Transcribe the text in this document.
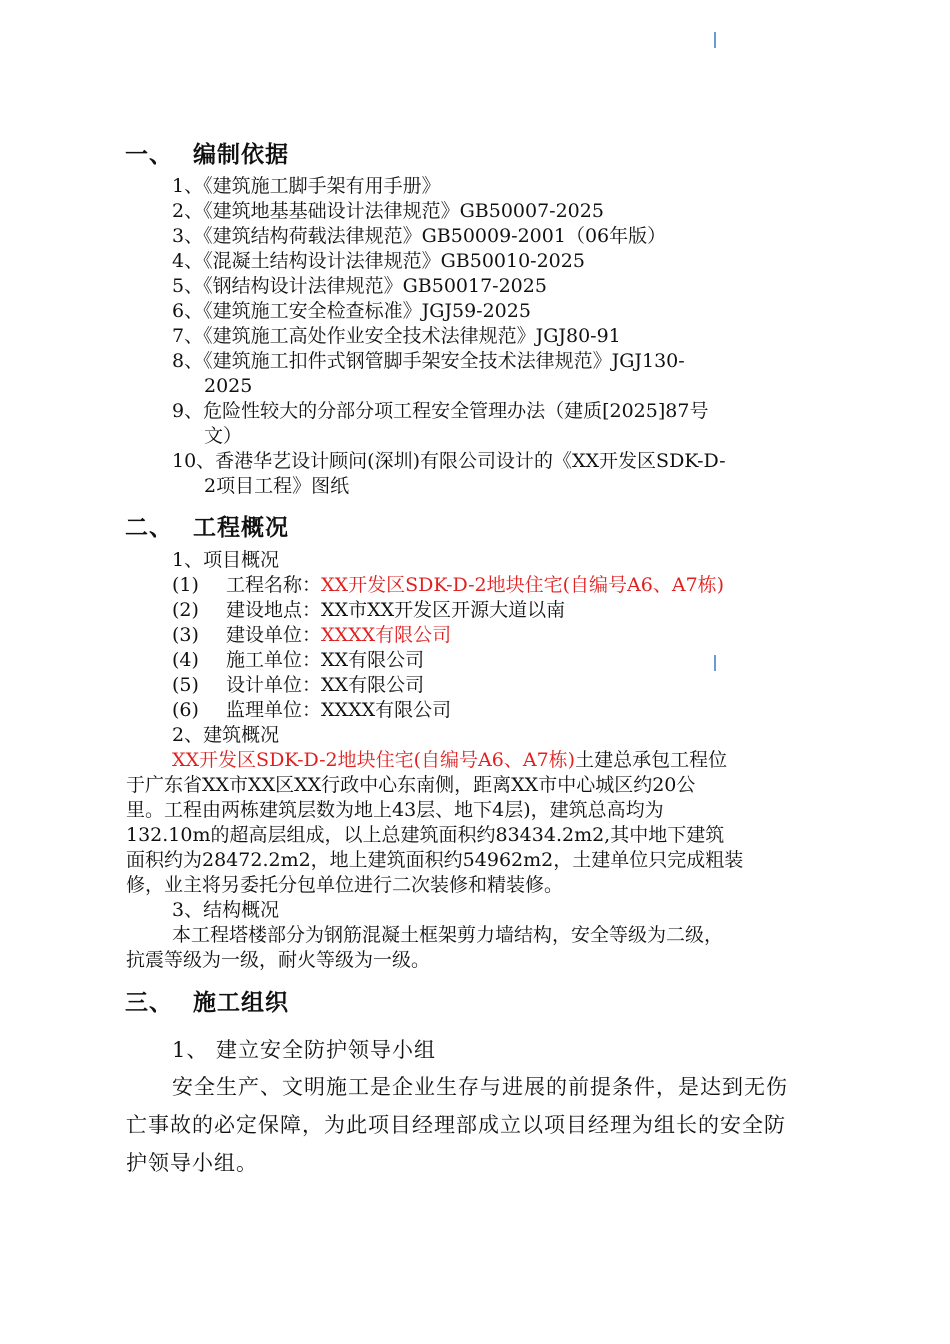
一、 编制依据
1、《建筑施工脚手架有用手册》
2、《建筑地基基础设计法律规范》GB50007-2025
3、《建筑结构荷载法律规范》GB50009-2001（06年版）
4、《混凝土结构设计法律规范》GB50010-2025
5、《钢结构设计法律规范》GB50017-2025
6、《建筑施工安全检查标准》JGJ59-2025
7、《建筑施工高处作业安全技术法律规范》JGJ80-91
8、《建筑施工扣件式钢管脚手架安全技术法律规范》JGJ130-
2025
9、危险性较大的分部分项工程安全管理办法（建质[2025]87号
文）
10、香港华艺设计顾问(深圳)有限公司设计的《XX开发区SDK-D-
2项目工程》图纸
二、 工程概况
1、项目概况
(1) 工程名称：XX开发区SDK-D-2地块住宅(自编号A6、A7栋)
(2) 建设地点：XX市XX开发区开源大道以南
(3) 建设单位：XXXX有限公司
(4) 施工单位：XX有限公司
(5) 设计单位：XX有限公司
(6) 监理单位：XXXX有限公司
2、建筑概况
XX开发区SDK-D-2地块住宅(自编号A6、A7栋)土建总承包工程位
于广东省XX市XX区XX行政中心东南侧，距离XX市中心城区约20公
里。工程由两栋建筑层数为地上43层、地下4层)，建筑总高均为
132.10m的超高层组成，以上总建筑面积约83434.2m2,其中地下建筑
面积约为28472.2m2，地上建筑面积约54962m2，土建单位只完成粗装
修，业主将另委托分包单位进行二次装修和精装修。
3、结构概况
本工程塔楼部分为钢筋混凝土框架剪力墙结构，安全等级为二级，
抗震等级为一级，耐火等级为一级。
三、 施工组织
1、 建立安全防护领导小组
安全生产、文明施工是企业生存与进展的前提条件，是达到无伤
亡事故的必定保障，为此项目经理部成立以项目经理为组长的安全防
护领导小组。
